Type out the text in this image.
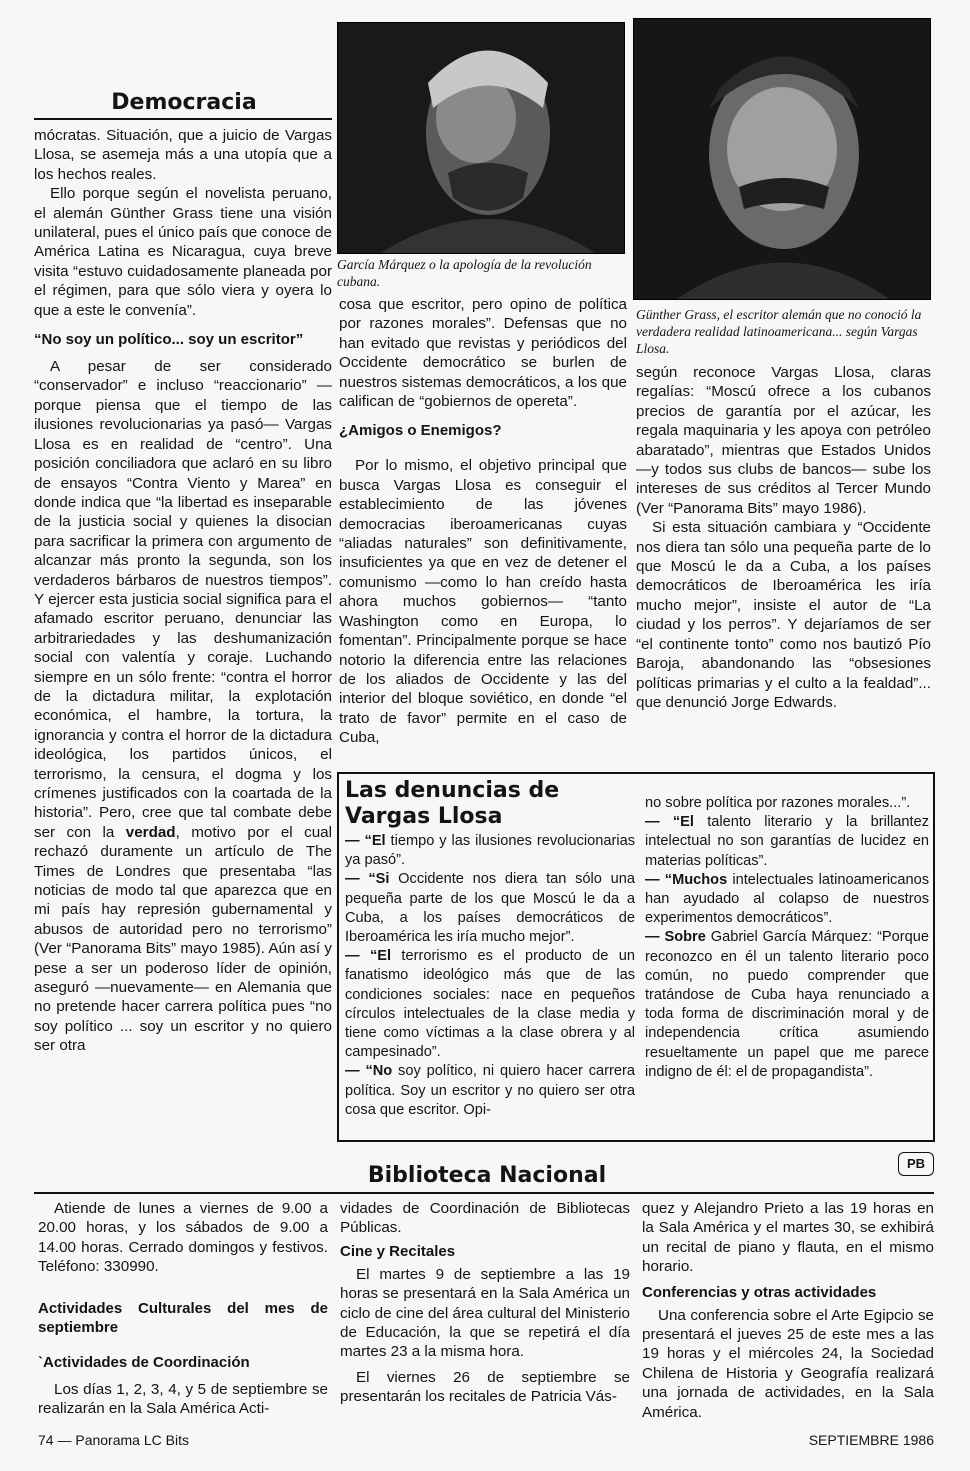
Democracia

mócratas. Situación, que a juicio de Vargas Llosa, se asemeja más a una utopía que a los hechos reales.

Ello porque según el novelista peruano, el alemán Günther Grass tiene una visión unilateral, pues el único país que conoce de América Latina es Nicaragua, cuya breve visita “estuvo cuidadosamente planeada por el régimen, para que sólo viera y oyera lo que a este le convenía”.

“No soy un político... soy un escritor”

A pesar de ser considerado “conservador” e incluso “reaccionario” —porque piensa que el tiempo de las ilusiones revolucionarias ya pasó— Vargas Llosa es en realidad de “centro”. Una posición conciliadora que aclaró en su libro de ensayos “Contra Viento y Marea” en donde indica que “la libertad es inseparable de la justicia social y quienes la disocian para sacrificar la primera con argumento de alcanzar más pronto la segunda, son los verdaderos bárbaros de nuestros tiempos”. Y ejercer esta justicia social significa para el afamado escritor peruano, denunciar las arbitrariedades y las deshumanización social con valentía y coraje. Luchando siempre en un sólo frente: “contra el horror de la dictadura militar, la explotación económica, el hambre, la tortura, la ignorancia y contra el horror de la dictadura ideológica, los partidos únicos, el terrorismo, la censura, el dogma y los crímenes justificados con la coartada de la historia”. Pero, cree que tal combate debe ser con la verdad, motivo por el cual rechazó duramente un artículo de The Times de Londres que presentaba “las noticias de modo tal que aparezca que en mi país hay represión gubernamental y abusos de autoridad pero no terrorismo” (Ver “Panorama Bits” mayo 1985). Aún así y pese a ser un poderoso líder de opinión, aseguró —nuevamente— en Alemania que no pretende hacer carrera política pues “no soy político ... soy un escritor y no quiero ser otra

García Márquez o la apología de la revolución cubana.
Günther Grass, el escritor alemán que no conoció la verdadera realidad latinoamericana... según Vargas Llosa.

cosa que escritor, pero opino de política por razones morales”. Defensas que no han evitado que revistas y periódicos del Occidente democrático se burlen de nuestros sistemas democráticos, a los que califican de “gobiernos de opereta”.

¿Amigos o Enemigos?

Por lo mismo, el objetivo principal que busca Vargas Llosa es conseguir el establecimiento de las jóvenes democracias iberoamericanas cuyas “aliadas naturales” son definitivamente, insuficientes ya que en vez de detener el comunismo —como lo han creído hasta ahora muchos gobiernos— “tanto Washington como en Europa, lo fomentan”. Principalmente porque se hace notorio la diferencia entre las relaciones de los aliados de Occidente y las del interior del bloque soviético, en donde “el trato de favor” permite en el caso de Cuba,

según reconoce Vargas Llosa, claras regalías: “Moscú ofrece a los cubanos precios de garantía por el azúcar, les regala maquinaria y les apoya con petróleo abaratado”, mientras que Estados Unidos —y todos sus clubs de bancos— sube los intereses de sus créditos al Tercer Mundo (Ver “Panorama Bits” mayo 1986).

Si esta situación cambiara y “Occidente nos diera tan sólo una pequeña parte de lo que Moscú le da a Cuba, a los países democráticos de Iberoamérica les iría mucho mejor”, insiste el autor de “La ciudad y los perros”. Y dejaríamos de ser “el continente tonto” como nos bautizó Pío Baroja, abandonando las “obsesiones políticas primarias y el culto a la fealdad”... que denunció Jorge Edwards.

Las denuncias de Vargas Llosa

— “El tiempo y las ilusiones revolucionarias ya pasó”.

— “Si Occidente nos diera tan sólo una pequeña parte de los que Moscú le da a Cuba, a los países democráticos de Iberoamérica les iría mucho mejor”.

— “El terrorismo es el producto de un fanatismo ideológico más que de las condiciones sociales: nace en pequeños círculos intelectuales de la clase media y tiene como víctimas a la clase obrera y al campesinado”.

— “No soy político, ni quiero hacer carrera política. Soy un escritor y no quiero ser otra cosa que escritor. Opi-

no sobre política por razones morales...”.

— “El talento literario y la brillantez intelectual no son garantías de lucidez en materias políticas”.

— “Muchos intelectuales latinoamericanos han ayudado al colapso de nuestros experimentos democráticos”.

— Sobre Gabriel García Márquez: “Porque reconozco en él un talento literario poco común, no puedo comprender que tratándose de Cuba haya renunciado a toda forma de discriminación moral y de independencia crítica asumiendo resueltamente un papel que me parece indigno de él: el de propagandista”.

Biblioteca Nacional	PB

Atiende de lunes a viernes de 9.00 a 20.00 horas, y los sábados de 9.00 a 14.00 horas. Cerrado domingos y festivos. Teléfono: 330990.

Actividades Culturales del mes de septiembre
`Actividades de Coordinación

Los días 1, 2, 3, 4, y 5 de septiembre se realizarán en la Sala América Acti-

vidades de Coordinación de Bibliotecas Públicas.

Cine y Recitales

El martes 9 de septiembre a las 19 horas se presentará en la Sala América un ciclo de cine del área cultural del Ministerio de Educación, la que se repetirá el día martes 23 a la misma hora.

El viernes 26 de septiembre se presentarán los recitales de Patricia Vás-

quez y Alejandro Prieto a las 19 horas en la Sala América y el martes 30, se exhibirá un recital de piano y flauta, en el mismo horario.

Conferencias y otras actividades

Una conferencia sobre el Arte Egipcio se presentará el jueves 25 de este mes a las 19 horas y el miércoles 24, la Sociedad Chilena de Historia y Geografía realizará una jornada de actividades, en la Sala América.

74 — Panorama LC Bits	SEPTIEMBRE 1986
